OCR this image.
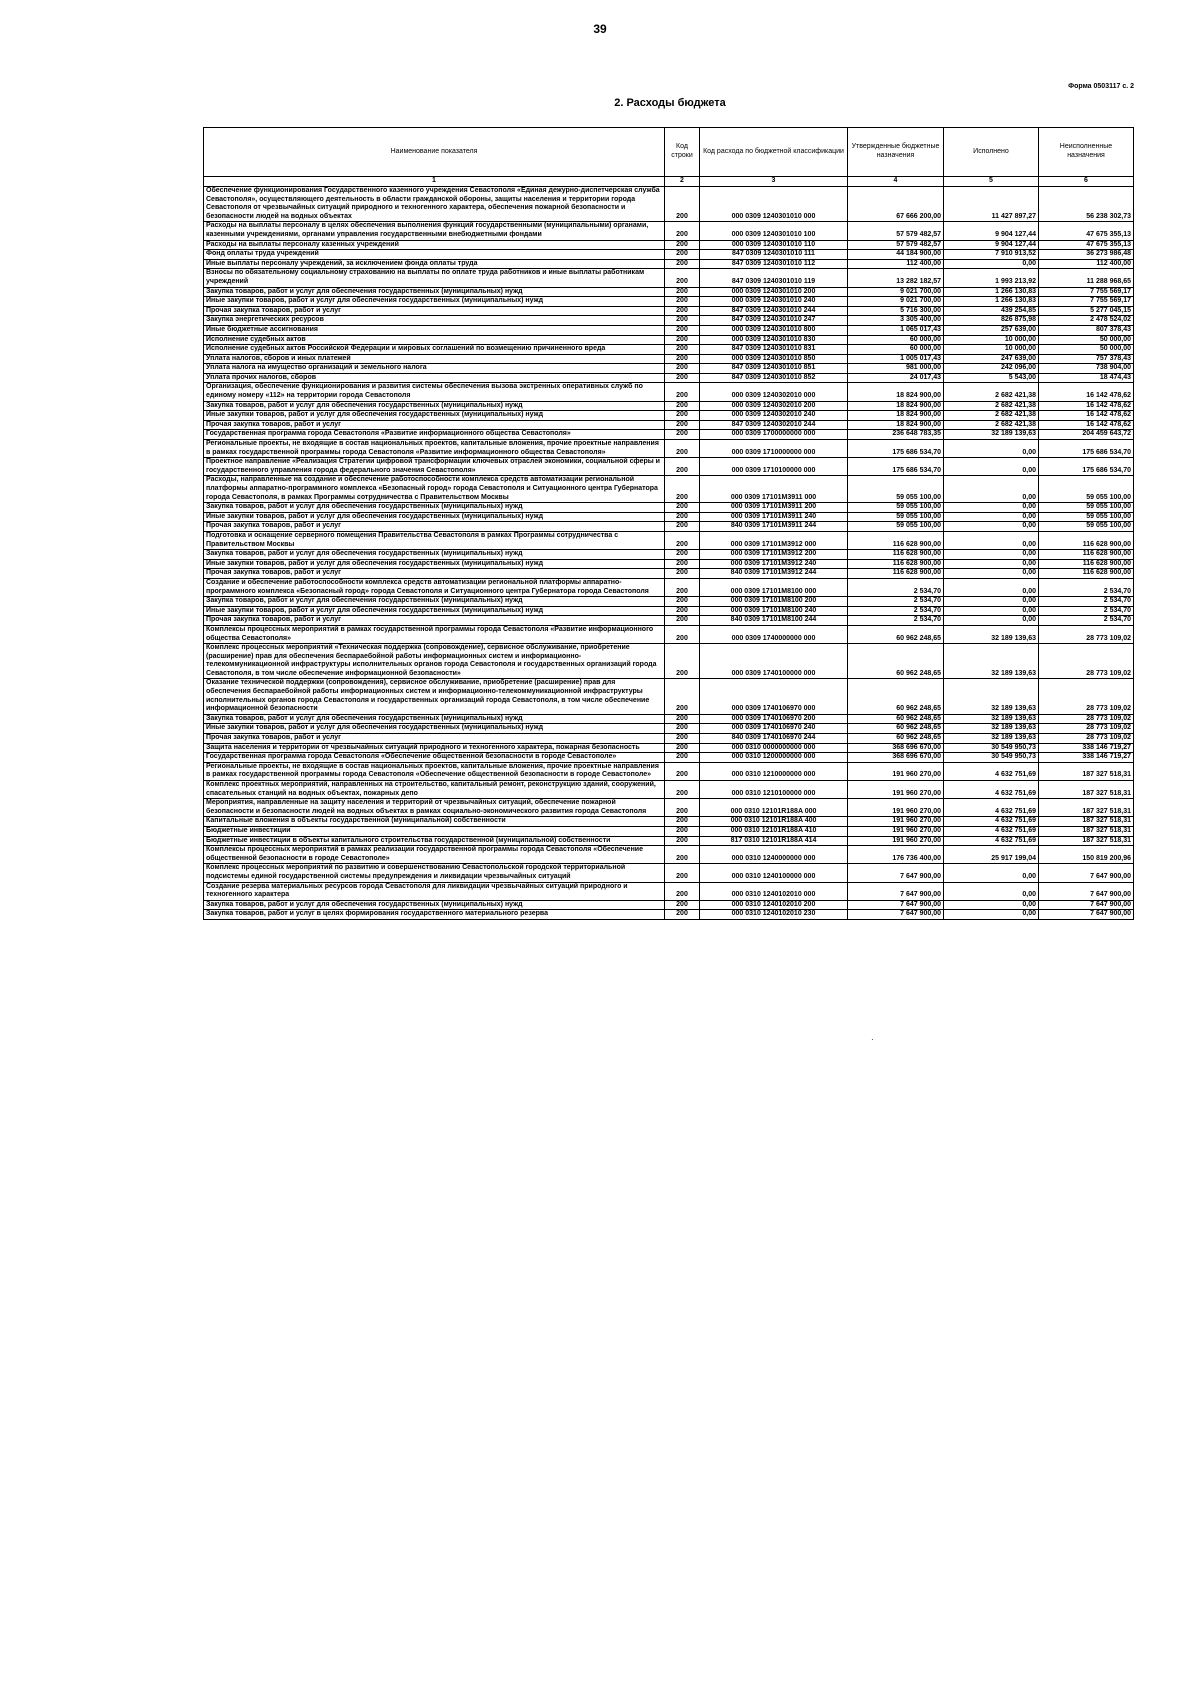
39
Форма 0503117 с. 2
2. Расходы бюджета
Наименование показателя	Код строки	Код расхода по бюджетной классификации	Утвержденные бюджетные назначения	Исполнено	Неисполненные назначения
1	2	3	4	5	6
Обеспечение функционирования Государственного казенного учреждения Севастополя «Единая дежурно-диспетчерская служба Севастополя», осуществляющего деятельность в области гражданской обороны, защиты населения и территории города Севастополя от чрезвычайных ситуаций природного и техногенного характера, обеспечения пожарной безопасности и безопасности людей на водных объектах	200	000 0309 1240301010 000	67 666 200,00	11 427 897,27	56 238 302,73
Расходы на выплаты персоналу в целях обеспечения выполнения функций государственными (муниципальными) органами, казенными учреждениями, органами управления государственными внебюджетными фондами	200	000 0309 1240301010 100	57 579 482,57	9 904 127,44	47 675 355,13
Расходы на выплаты персоналу казенных учреждений	200	000 0309 1240301010 110	57 579 482,57	9 904 127,44	47 675 355,13
Фонд оплаты труда учреждений	200	847 0309 1240301010 111	44 184 900,00	7 910 913,52	36 273 986,48
Иные выплаты персоналу учреждений, за исключением фонда оплаты труда	200	847 0309 1240301010 112	112 400,00	0,00	112 400,00
Взносы по обязательному социальному страхованию на выплаты по оплате труда работников и иные выплаты работникам учреждений	200	847 0309 1240301010 119	13 282 182,57	1 993 213,92	11 288 968,65
Закупка товаров, работ и услуг для обеспечения государственных (муниципальных) нужд	200	000 0309 1240301010 200	9 021 700,00	1 266 130,83	7 755 569,17
Иные закупки товаров, работ и услуг для обеспечения государственных (муниципальных) нужд	200	000 0309 1240301010 240	9 021 700,00	1 266 130,83	7 755 569,17
Прочая закупка товаров, работ и услуг	200	847 0309 1240301010 244	5 716 300,00	439 254,85	5 277 045,15
Закупка энергетических ресурсов	200	847 0309 1240301010 247	3 305 400,00	826 875,98	2 478 524,02
Иные бюджетные ассигнования	200	000 0309 1240301010 800	1 065 017,43	257 639,00	807 378,43
Исполнение судебных актов	200	000 0309 1240301010 830	60 000,00	10 000,00	50 000,00
Исполнение судебных актов Российской Федерации и мировых соглашений по возмещению причиненного вреда	200	847 0309 1240301010 831	60 000,00	10 000,00	50 000,00
Уплата налогов, сборов и иных платежей	200	000 0309 1240301010 850	1 005 017,43	247 639,00	757 378,43
Уплата налога на имущество организаций и земельного налога	200	847 0309 1240301010 851	981 000,00	242 096,00	738 904,00
Уплата прочих налогов, сборов	200	847 0309 1240301010 852	24 017,43	5 543,00	18 474,43
Организация, обеспечение функционирования и развития системы обеспечения вызова экстренных оперативных служб по единому номеру «112» на территории города Севастополя	200	000 0309 1240302010 000	18 824 900,00	2 682 421,38	16 142 478,62
Закупка товаров, работ и услуг для обеспечения государственных (муниципальных) нужд	200	000 0309 1240302010 200	18 824 900,00	2 682 421,38	16 142 478,62
Иные закупки товаров, работ и услуг для обеспечения государственных (муниципальных) нужд	200	000 0309 1240302010 240	18 824 900,00	2 682 421,38	16 142 478,62
Прочая закупка товаров, работ и услуг	200	847 0309 1240302010 244	18 824 900,00	2 682 421,38	16 142 478,62
Государственная программа города Севастополя «Развитие информационного общества Севастополя»	200	000 0309 1700000000 000	236 648 783,35	32 189 139,63	204 459 643,72
Региональные проекты, не входящие в состав национальных проектов, капитальные вложения, прочие проектные направления в рамках государственной программы города Севастополя «Развитие информационного общества Севастополя»	200	000 0309 1710000000 000	175 686 534,70	0,00	175 686 534,70
Проектное направление «Реализация Стратегии цифровой трансформации ключевых отраслей экономики, социальной сферы и государственного управления города федерального значения Севастополя»	200	000 0309 1710100000 000	175 686 534,70	0,00	175 686 534,70
Расходы, направленные на создание и обеспечение работоспособности комплекса средств автоматизации региональной платформы аппаратно-программного комплекса «Безопасный город» города Севастополя и Ситуационного центра Губернатора города Севастополя, в рамках Программы сотрудничества с Правительством Москвы	200	000 0309 17101M3911 000	59 055 100,00	0,00	59 055 100,00
Закупка товаров, работ и услуг для обеспечения государственных (муниципальных) нужд	200	000 0309 17101M3911 200	59 055 100,00	0,00	59 055 100,00
Иные закупки товаров, работ и услуг для обеспечения государственных (муниципальных) нужд	200	000 0309 17101M3911 240	59 055 100,00	0,00	59 055 100,00
Прочая закупка товаров, работ и услуг	200	840 0309 17101M3911 244	59 055 100,00	0,00	59 055 100,00
Подготовка и оснащение серверного помещения Правительства Севастополя в рамках Программы сотрудничества с Правительством Москвы	200	000 0309 17101M3912 000	116 628 900,00	0,00	116 628 900,00
Закупка товаров, работ и услуг для обеспечения государственных (муниципальных) нужд	200	000 0309 17101M3912 200	116 628 900,00	0,00	116 628 900,00
Иные закупки товаров, работ и услуг для обеспечения государственных (муниципальных) нужд	200	000 0309 17101M3912 240	116 628 900,00	0,00	116 628 900,00
Прочая закупка товаров, работ и услуг	200	840 0309 17101M3912 244	116 628 900,00	0,00	116 628 900,00
Создание и обеспечение работоспособности комплекса средств автоматизации региональной платформы аппаратно-программного комплекса «Безопасный город» города Севастополя и Ситуационного центра Губернатора города Севастополя	200	000 0309 17101M8100 000	2 534,70	0,00	2 534,70
Закупка товаров, работ и услуг для обеспечения государственных (муниципальных) нужд	200	000 0309 17101M8100 200	2 534,70	0,00	2 534,70
Иные закупки товаров, работ и услуг для обеспечения государственных (муниципальных) нужд	200	000 0309 17101M8100 240	2 534,70	0,00	2 534,70
Прочая закупка товаров, работ и услуг	200	840 0309 17101M8100 244	2 534,70	0,00	2 534,70
Комплексы процессных мероприятий в рамках государственной программы города Севастополя «Развитие информационного общества Севастополя»	200	000 0309 1740000000 000	60 962 248,65	32 189 139,63	28 773 109,02
Комплекс процессных мероприятий «Техническая поддержка (сопровождение), сервисное обслуживание, приобретение (расширение) прав для обеспечения беспараебойной работы информационных систем и информационно-телекоммуникационной инфраструктуры исполнительных органов города Севастополя и государственных организаций города Севастополя, в том числе обеспечение информационной безопасности»	200	000 0309 1740100000 000	60 962 248,65	32 189 139,63	28 773 109,02
Оказание технической поддержки (сопровождения), сервисное обслуживание, приобретение (расширение) прав для обеспечения беспараебойной работы информационных систем и информационно-телекоммуникационной инфраструктуры исполнительных органов города Севастополя и государственных организаций города Севастополя, в том числе обеспечение информационной безопасности	200	000 0309 1740106970 000	60 962 248,65	32 189 139,63	28 773 109,02
Закупка товаров, работ и услуг для обеспечения государственных (муниципальных) нужд	200	000 0309 1740106970 200	60 962 248,65	32 189 139,63	28 773 109,02
Иные закупки товаров, работ и услуг для обеспечения государственных (муниципальных) нужд	200	000 0309 1740106970 240	60 962 248,65	32 189 139,63	28 773 109,02
Прочая закупка товаров, работ и услуг	200	840 0309 1740106970 244	60 962 248,65	32 189 139,63	28 773 109,02
Защита населения и территории от чрезвычайных ситуаций природного и техногенного характера, пожарная безопасность	200	000 0310 0000000000 000	368 696 670,00	30 549 950,73	338 146 719,27
Государственная программа города Севастополя «Обеспечение общественной безопасности в городе Севастополе»	200	000 0310 1200000000 000	368 696 670,00	30 549 950,73	338 146 719,27
Региональные проекты, не входящие в состав национальных проектов, капитальные вложения, прочие проектные направления в рамках государственной программы города Севастополя «Обеспечение общественной безопасности в городе Севастополе»	200	000 0310 1210000000 000	191 960 270,00	4 632 751,69	187 327 518,31
Комплекс проектных мероприятий, направленных на строительство, капитальный ремонт, реконструкцию зданий, сооружений, спасательных станций на водных объектах, пожарных депо	200	000 0310 1210100000 000	191 960 270,00	4 632 751,69	187 327 518,31
Мероприятия, направленные на защиту населения и территорий от чрезвычайных ситуаций, обеспечение пожарной безопасности и безопасности людей на водных объектах в рамках социально-экономического развития города Севастополя	200	000 0310 12101R188A 000	191 960 270,00	4 632 751,69	187 327 518,31
Капитальные вложения в объекты государственной (муниципальной) собственности	200	000 0310 12101R188A 400	191 960 270,00	4 632 751,69	187 327 518,31
Бюджетные инвестиции	200	000 0310 12101R188A 410	191 960 270,00	4 632 751,69	187 327 518,31
Бюджетные инвестиции в объекты капитального строительства государственной (муниципальной) собственности	200	817 0310 12101R188A 414	191 960 270,00	4 632 751,69	187 327 518,31
Комплексы процессных мероприятий в рамках реализации государственной программы города Севастополя «Обеспечение общественной безопасности в городе Севастополе»	200	000 0310 1240000000 000	176 736 400,00	25 917 199,04	150 819 200,96
Комплекс процессных мероприятий по развитию и совершенствованию Севастопольской городской территориальной подсистемы единой государственной системы предупреждения и ликвидации чрезвычайных ситуаций	200	000 0310 1240100000 000	7 647 900,00	0,00	7 647 900,00
Создание резерва материальных ресурсов города Севастополя для ликвидации чрезвычайных ситуаций природного и техногенного характера	200	000 0310 1240102010 000	7 647 900,00	0,00	7 647 900,00
Закупка товаров, работ и услуг для обеспечения государственных (муниципальных) нужд	200	000 0310 1240102010 200	7 647 900,00	0,00	7 647 900,00
Закупка товаров, работ и услуг в целях формирования государственного материального резерва	200	000 0310 1240102010 230	7 647 900,00	0,00	7 647 900,00
·
